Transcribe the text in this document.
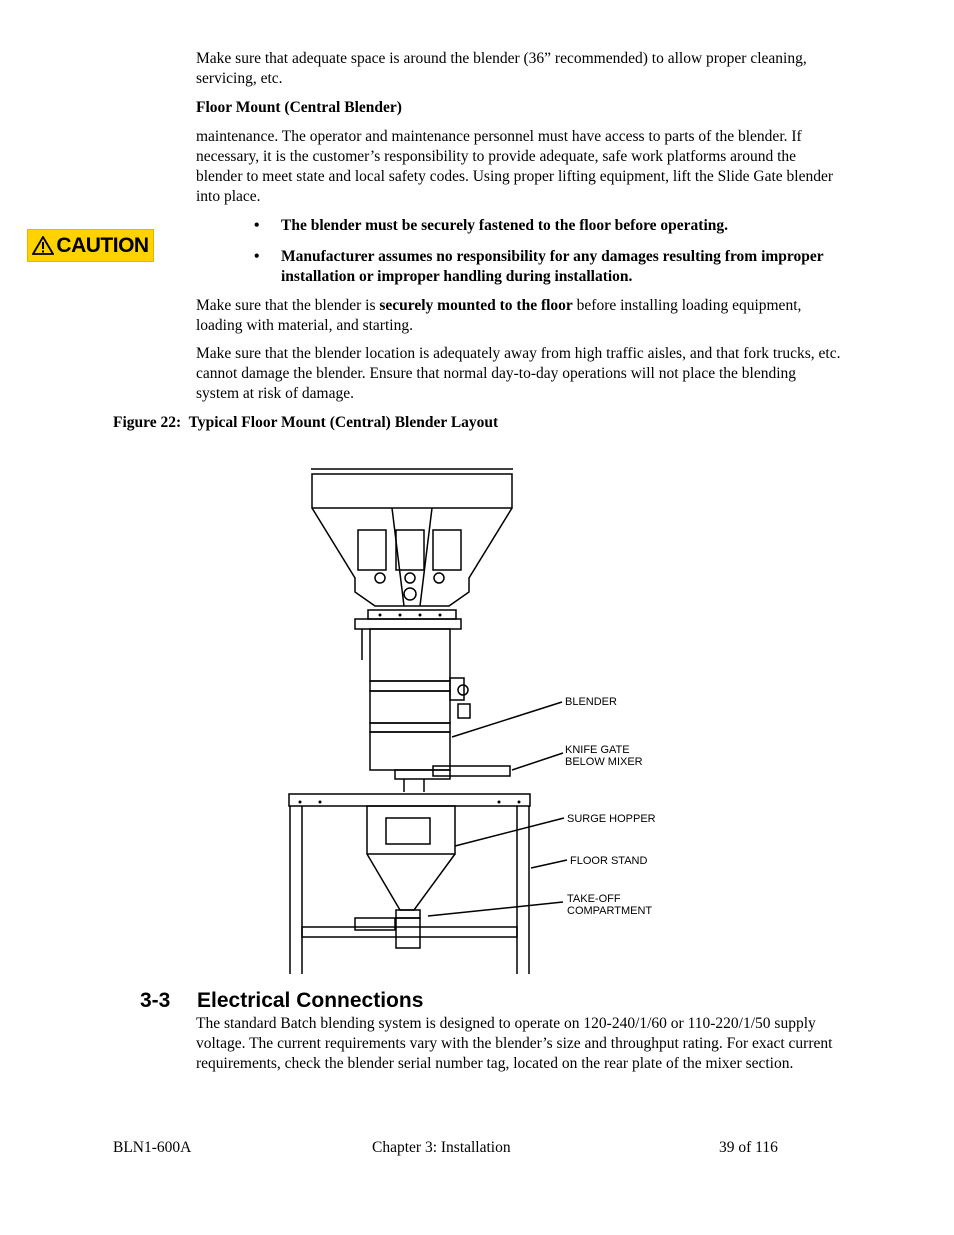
Make sure that adequate space is around the blender (36” recommended) to allow proper cleaning, servicing, etc.

Floor Mount (Central Blender)

maintenance. The operator and maintenance personnel must have access to parts of the blender. If necessary, it is the customer’s responsibility to provide adequate, safe work platforms around the blender to meet state and local safety codes. Using proper lifting equipment, lift the Slide Gate blender into place.

CAUTION
•	The blender must be securely fastened to the floor before operating.

•	Manufacturer assumes no responsibility for any damages resulting from improper installation or improper handling during installation.

Make sure that the blender is securely mounted to the floor before installing loading equipment, loading with material, and starting.

Make sure that the blender location is adequately away from high traffic aisles, and that fork trucks, etc. cannot damage the blender. Ensure that normal day-to-day operations will not place the blending system at risk of damage.

Figure 22:  Typical Floor Mount (Central) Blender Layout
BLENDER
KNIFE GATE
BELOW MIXER
SURGE HOPPER
FLOOR STAND
TAKE-OFF
COMPARTMENT
3-3 Electrical Connections

The standard Batch blending system is designed to operate on 120-240/1/60 or 110-220/1/50 supply voltage. The current requirements vary with the blender’s size and throughput rating. For exact current requirements, check the blender serial number tag, located on the rear plate of the mixer section.

BLN1-600A	Chapter 3: Installation	39 of 116
